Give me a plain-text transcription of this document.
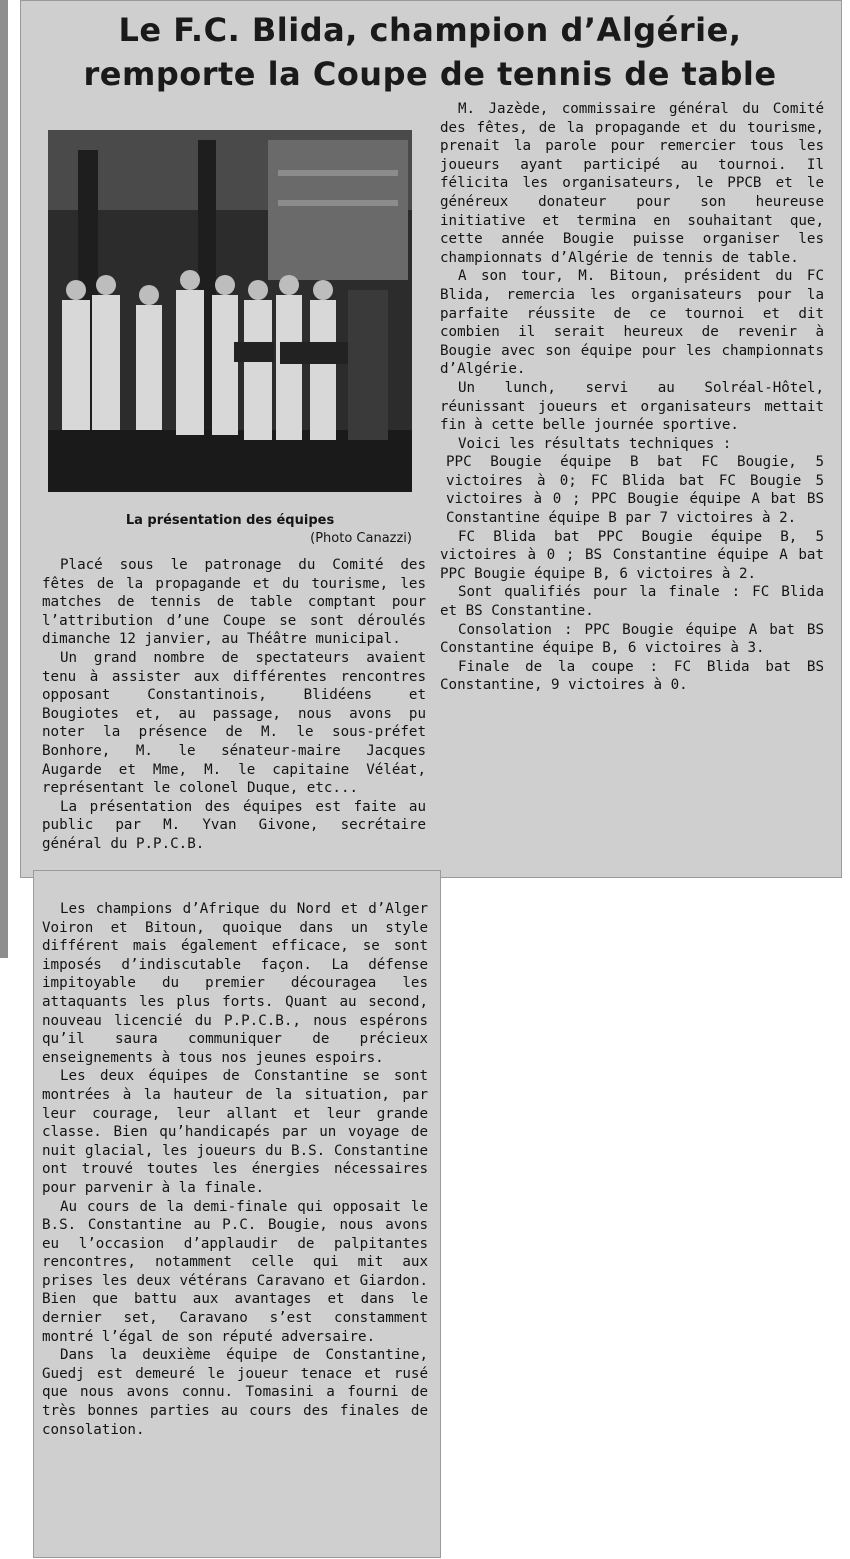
Le F.C. Blida, champion d’Algérie,
remporte la Coupe de tennis de table
La présentation des équipes
(Photo Canazzi)

Placé sous le patronage du Comité des fêtes de la propagande et du tourisme, les matches de tennis de table comptant pour l’attribution d’une Coupe se sont déroulés dimanche 12 janvier, au Théâtre municipal.

Un grand nombre de spectateurs avaient tenu à assister aux différentes rencontres opposant Constantinois, Blidéens et Bougiotes et, au passage, nous avons pu noter la présence de M. le sous-préfet Bonhore, M. le sénateur-maire Jacques Augarde et Mme, M. le capitaine Véléat, représentant le colonel Duque, etc...

La présentation des équipes est faite au public par M. Yvan Givone, secrétaire général du P.P.C.B.

Les champions d’Afrique du Nord et d’Alger Voiron et Bitoun, quoique dans un style différent mais également efficace, se sont imposés d’indiscutable façon. La défense impitoyable du premier découragea les attaquants les plus forts. Quant au second, nouveau licencié du P.P.C.B., nous espérons qu’il saura communiquer de précieux enseignements à tous nos jeunes espoirs.

Les deux équipes de Constantine se sont montrées à la hauteur de la situation, par leur courage, leur allant et leur grande classe. Bien qu’handicapés par un voyage de nuit glacial, les joueurs du B.S. Constantine ont trouvé toutes les énergies nécessaires pour parvenir à la finale.

Au cours de la demi-finale qui opposait le B.S. Constantine au P.C. Bougie, nous avons eu l’occasion d’applaudir de palpitantes rencontres, notamment celle qui mit aux prises les deux vétérans Caravano et Giardon. Bien que battu aux avantages et dans le dernier set, Caravano s’est constamment montré l’égal de son réputé adversaire.

Dans la deuxième équipe de Constantine, Guedj est demeuré le joueur tenace et rusé que nous avons connu. Tomasini a fourni de très bonnes parties au cours des finales de consolation.

M. Jazède, commissaire général du Comité des fêtes, de la propagande et du tourisme, prenait la parole pour remercier tous les joueurs ayant participé au tournoi. Il félicita les organisateurs, le PPCB et le généreux donateur pour son heureuse initiative et termina en souhaitant que, cette année Bougie puisse organiser les championnats d’Algérie de tennis de table.

A son tour, M. Bitoun, président du FC Blida, remercia les organisateurs pour la parfaite réussite de ce tournoi et dit combien il serait heureux de revenir à Bougie avec son équipe pour les championnats d’Algérie.

Un lunch, servi au Solréal-Hôtel, réunissant joueurs et organisateurs mettait fin à cette belle journée sportive.

Voici les résultats techniques :

PPC Bougie équipe B bat FC Bougie, 5 victoires à 0; FC Blida bat FC Bougie 5 victoires à 0 ; PPC Bougie équipe A bat BS Constantine équipe B par 7 victoires à 2.

FC Blida bat PPC Bougie équipe B, 5 victoires à 0 ; BS Constantine équipe A bat PPC Bougie équipe B, 6 victoires à 2.

Sont qualifiés pour la finale : FC Blida et BS Constantine.

Consolation : PPC Bougie équipe A bat BS Constantine équipe B, 6 victoires à 3.

Finale de la coupe : FC Blida bat BS Constantine, 9 victoires à 0.
